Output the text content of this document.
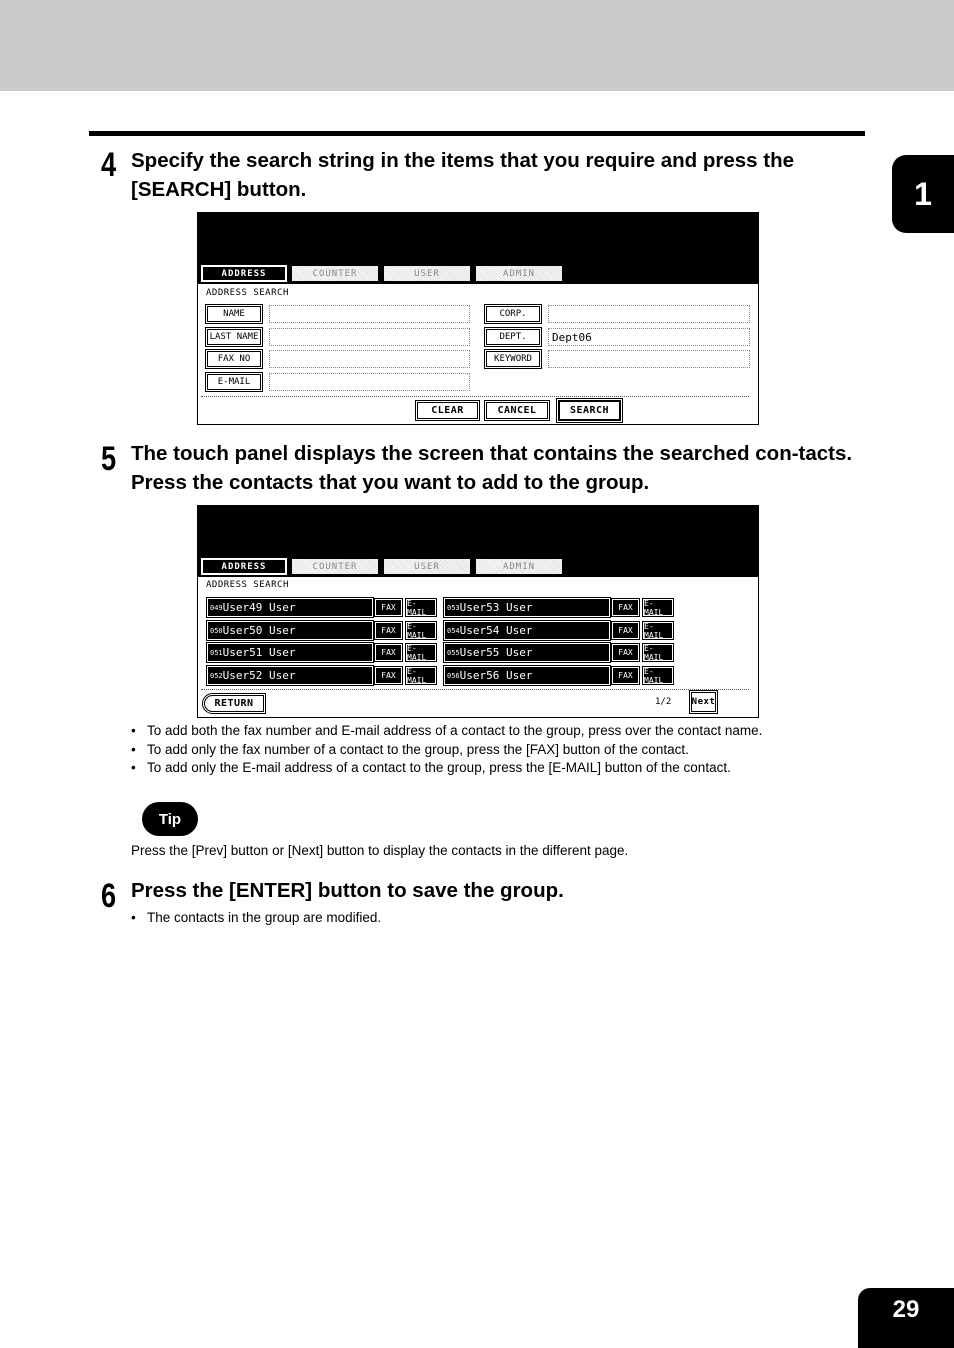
1
4 Specify the search string in the items that you require and press the [SEARCH] button.
ADDRESS	COUNTER	USER	ADMIN
ADDRESS SEARCH
NAME
LAST NAME
FAX NO
E-MAIL
CORP.
DEPT.	Dept06
KEYWORD
CLEAR	CANCEL	SEARCH
5 The touch panel displays the screen that contains the searched con-tacts. Press the contacts that you want to add to the group.
ADDRESS	COUNTER	USER	ADMIN
ADDRESS SEARCH
049 User49 User	FAX	E-MAIL
050 User50 User	FAX	E-MAIL
051 User51 User	FAX	E-MAIL
052 User52 User	FAX	E-MAIL
053 User53 User	FAX	E-MAIL
054 User54 User	FAX	E-MAIL
055 User55 User	FAX	E-MAIL
056 User56 User	FAX	E-MAIL
RETURN	1/2 Next
• To add both the fax number and E-mail address of a contact to the group, press over the contact name.
• To add only the fax number of a contact to the group, press the [FAX] button of the contact.
• To add only the E-mail address of a contact to the group, press the [E-MAIL] button of the contact.
Tip
Press the [Prev] button or [Next] button to display the contacts in the different page.
6 Press the [ENTER] button to save the group.
• The contacts in the group are modified.
29
